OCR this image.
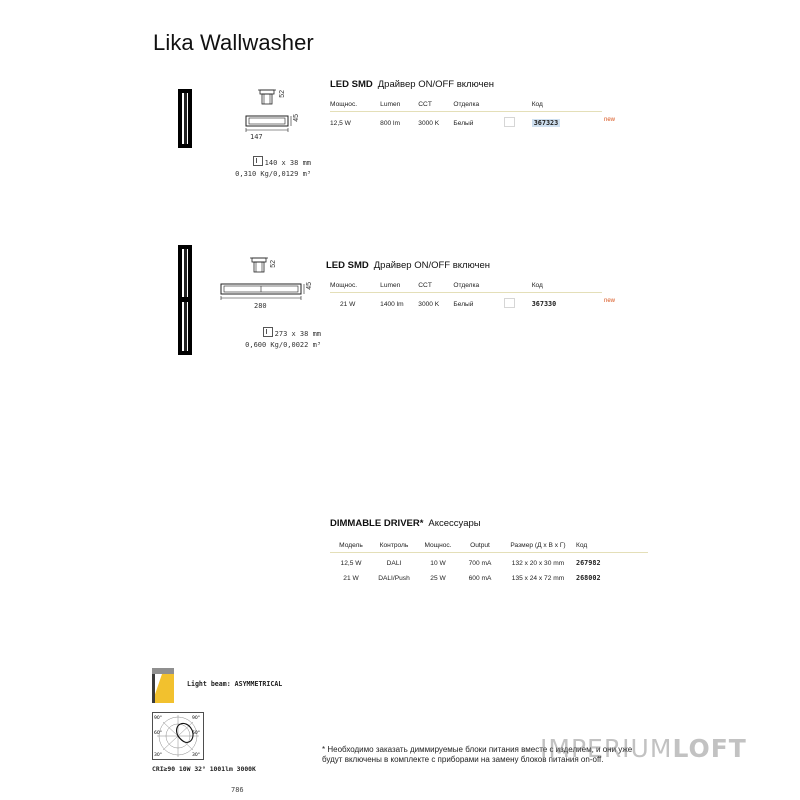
Lika Wallwasher
52
45
147
140 x 38 mm
0,310 Kg/0,0129 m³
LED SMD Драйвер ON/OFF включен
Мощнос.	Lumen	CCT	Отделка		Код
12,5 W	800 lm	3000 K	Белый		367323	new
52
45
280
273 x 38 mm
0,600 Kg/0,0022 m³
LED SMD Драйвер ON/OFF включен
Мощнос.	Lumen	CCT	Отделка		Код
21 W	1400 lm	3000 K	Белый		367330	new
DIMMABLE DRIVER* Аксессуары
Модель	Контроль	Мощнос.	Output	Размер (Д x В x Г)	Код
12,5 W	DALI	10 W	700 mA	132 x 20 x 30 mm	267982
21 W	DALI/Push	25 W	600 mA	135 x 24 x 72 mm	268002
Light beam: ASYMMETRICAL
90°	90°
60°	60°
30°	30°
CRI≥90 10W 32° 1001lm 3000K
786
* Необходимо заказать диммируемые блоки питания вместе с изделием, и они уже будут включены в комплекте с приборами на замену блоков питания on-off.
IMPERIUMLOFT
